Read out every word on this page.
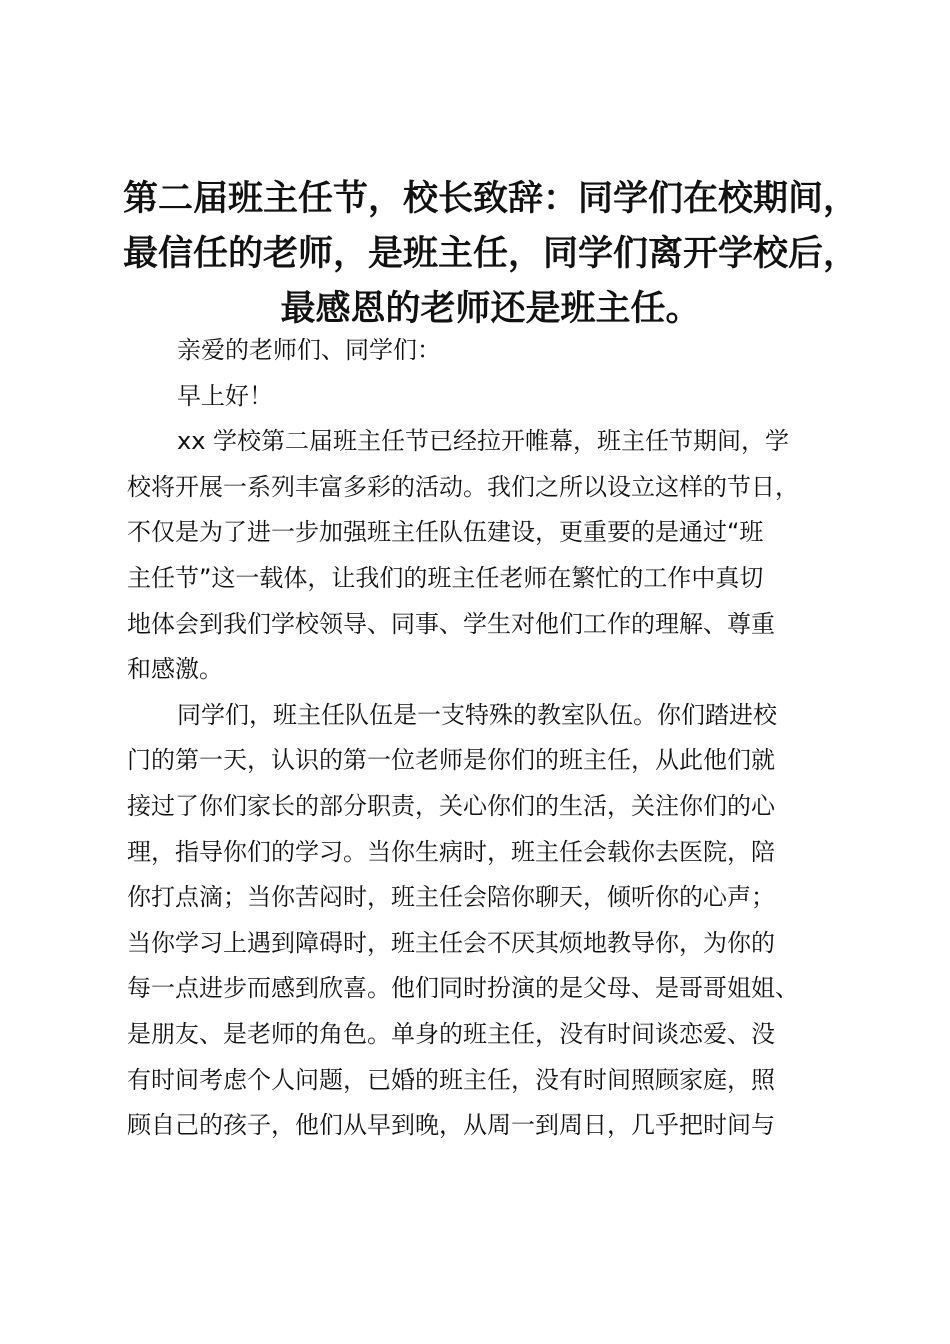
第二届班主任节，校长致辞：同学们在校期间，
最信任的老师，是班主任，同学们离开学校后，
最感恩的老师还是班主任。
亲爱的老师们、同学们：
早上好！
xx 学校第二届班主任节已经拉开帷幕，班主任节期间，学
校将开展一系列丰富多彩的活动。我们之所以设立这样的节日，
不仅是为了进一步加强班主任队伍建设，更重要的是通过“班
主任节”这一载体，让我们的班主任老师在繁忙的工作中真切
地体会到我们学校领导、同事、学生对他们工作的理解、尊重
和感激。
同学们，班主任队伍是一支特殊的教室队伍。你们踏进校
门的第一天，认识的第一位老师是你们的班主任，从此他们就
接过了你们家长的部分职责，关心你们的生活，关注你们的心
理，指导你们的学习。当你生病时，班主任会载你去医院，陪
你打点滴；当你苦闷时，班主任会陪你聊天，倾听你的心声；
当你学习上遇到障碍时，班主任会不厌其烦地教导你，为你的
每一点进步而感到欣喜。他们同时扮演的是父母、是哥哥姐姐、
是朋友、是老师的角色。单身的班主任，没有时间谈恋爱、没
有时间考虑个人问题，已婚的班主任，没有时间照顾家庭，照
顾自己的孩子，他们从早到晚，从周一到周日，几乎把时间与
